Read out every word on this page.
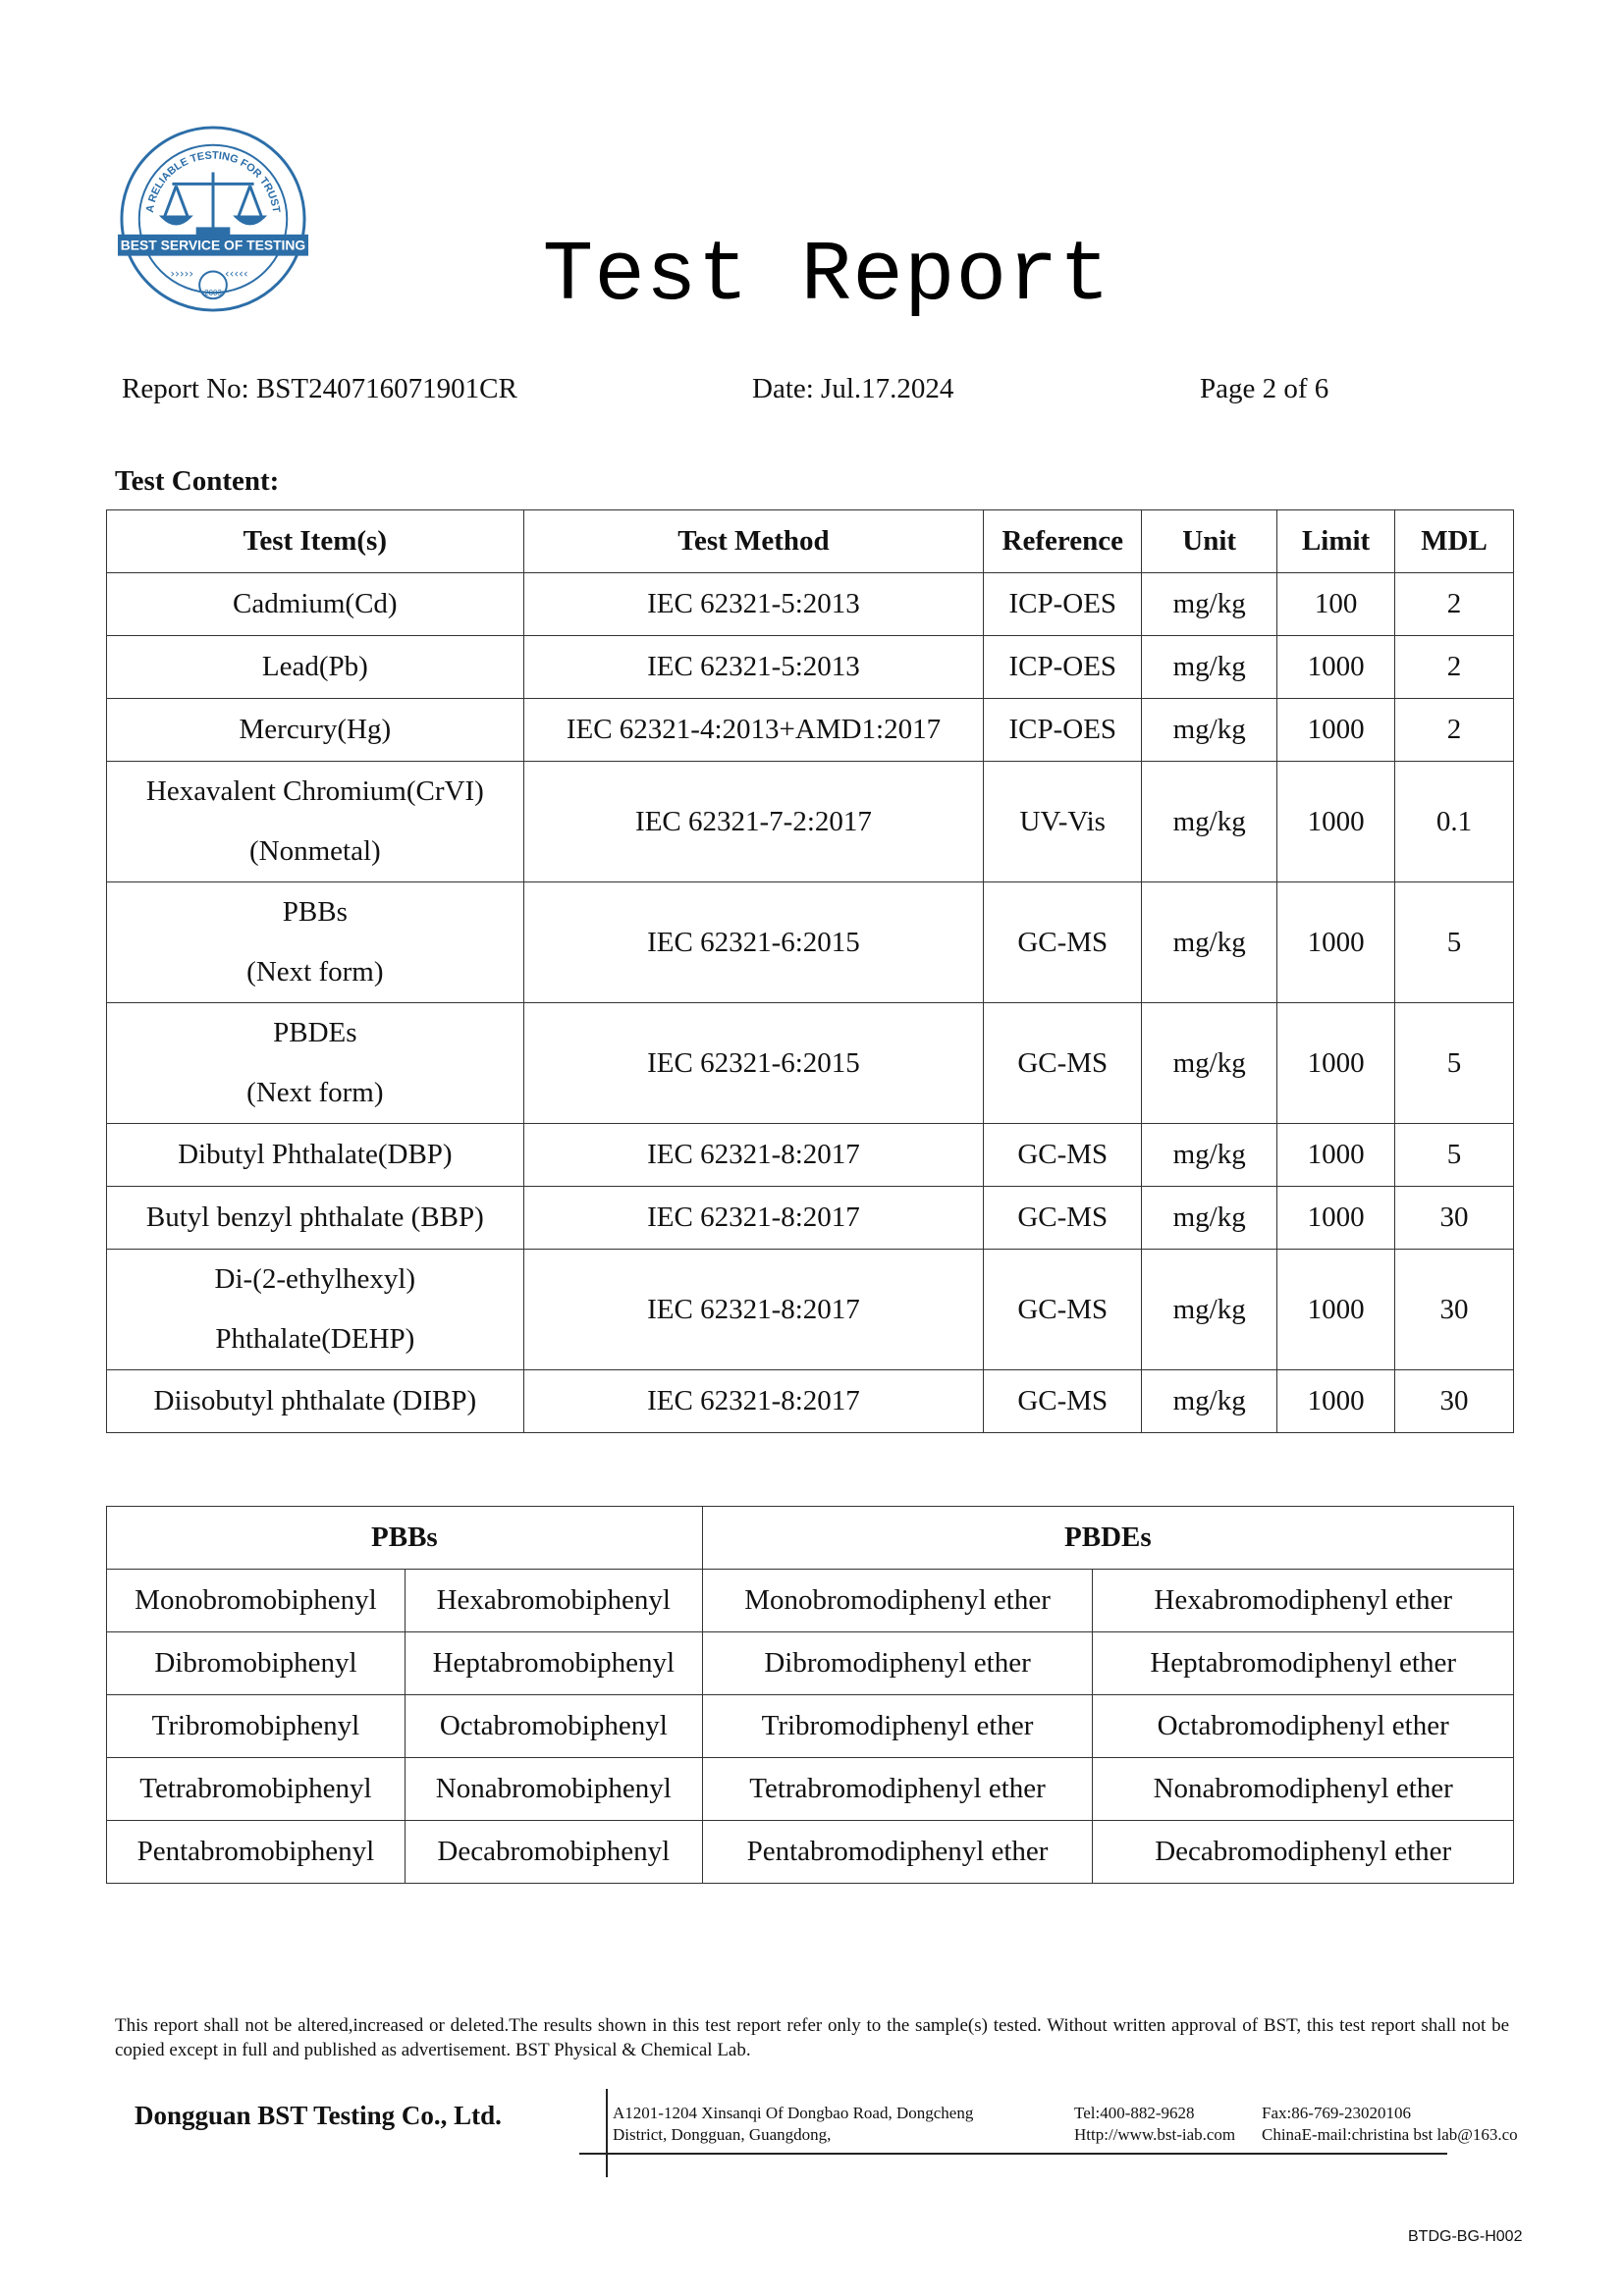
A RELIABLE TESTING FOR TRUST
BEST SERVICE OF TESTING
›››››	‹‹‹‹‹
2003	Test Report
Report No: BST240716071901CR	Date: Jul.17.2024	Page 2 of 6
Test Content:
Test Item(s)	Test Method	Reference	Unit	Limit	MDL
Cadmium(Cd)	IEC 62321-5:2013	ICP-OES	mg/kg	100	2
Lead(Pb)	IEC 62321-5:2013	ICP-OES	mg/kg	1000	2
Mercury(Hg)	IEC 62321-4:2013+AMD1:2017	ICP-OES	mg/kg	1000	2
Hexavalent Chromium(CrVI)
(Nonmetal)	IEC 62321-7-2:2017	UV-Vis	mg/kg	1000	0.1
PBBs
(Next form)	IEC 62321-6:2015	GC-MS	mg/kg	1000	5
PBDEs
(Next form)	IEC 62321-6:2015	GC-MS	mg/kg	1000	5
Dibutyl Phthalate(DBP)	IEC 62321-8:2017	GC-MS	mg/kg	1000	5
Butyl benzyl phthalate (BBP)	IEC 62321-8:2017	GC-MS	mg/kg	1000	30
Di-(2-ethylhexyl)
Phthalate(DEHP)	IEC 62321-8:2017	GC-MS	mg/kg	1000	30
Diisobutyl phthalate (DIBP)	IEC 62321-8:2017	GC-MS	mg/kg	1000	30
PBBs		PBDEs	
Monobromobiphenyl	Hexabromobiphenyl	Monobromodiphenyl ether	Hexabromodiphenyl ether
Dibromobiphenyl	Heptabromobiphenyl	Dibromodiphenyl ether	Heptabromodiphenyl ether
Tribromobiphenyl	Octabromobiphenyl	Tribromodiphenyl ether	Octabromodiphenyl ether
Tetrabromobiphenyl	Nonabromobiphenyl	Tetrabromodiphenyl ether	Nonabromodiphenyl ether
Pentabromobiphenyl	Decabromobiphenyl	Pentabromodiphenyl ether	Decabromodiphenyl ether
This report shall not be altered,increased or deleted.The results shown in this test report refer only to the sample(s) tested. Without written approval of BST, this test report shall not be copied except in full and published as advertisement. BST Physical & Chemical Lab.
Dongguan BST Testing Co., Ltd.	A1201-1204 Xinsanqi Of Dongbao Road, Dongcheng
District, Dongguan, Guangdong,
Tel:400-882-9628
Http://www.bst-iab.com
Fax:86-769-23020106
ChinaE-mail:christina bst lab@163.co
BTDG-BG-H002
